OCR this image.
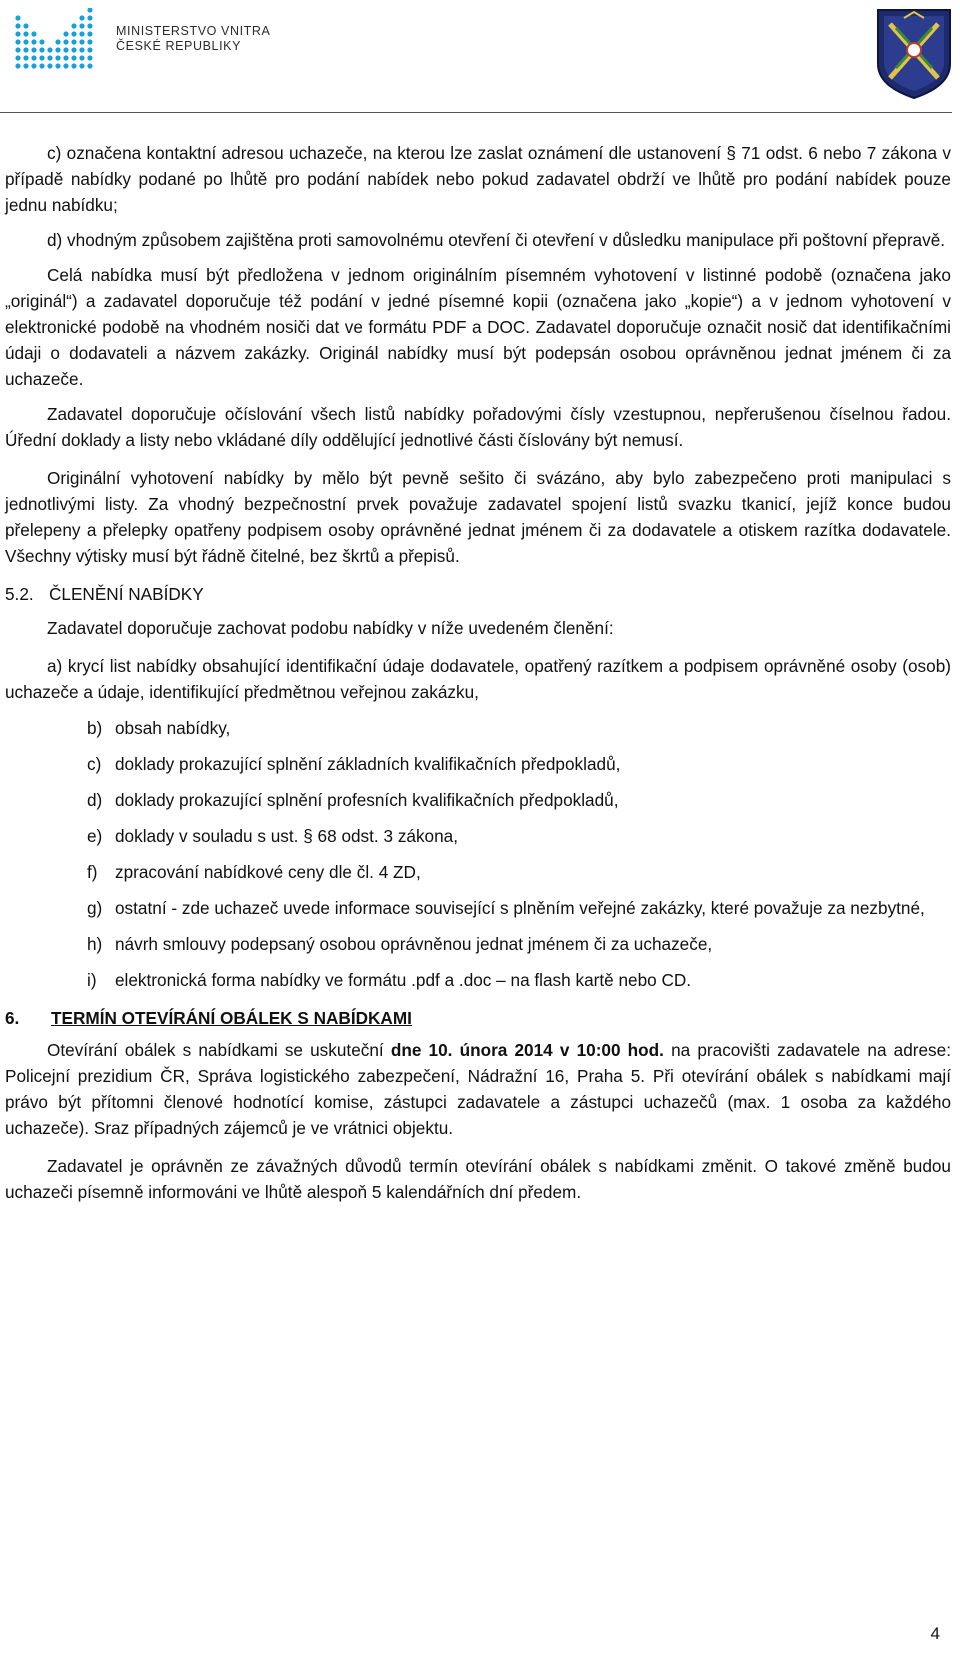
MINISTERSTVO VNITRA
ČESKÉ REPUBLIKY

c) označena kontaktní adresou uchazeče, na kterou lze zaslat oznámení dle ustanovení § 71 odst. 6 nebo 7 zákona v případě nabídky podané po lhůtě pro podání nabídek nebo pokud zadavatel obdrží ve lhůtě pro podání nabídek pouze jednu nabídku;

d) vhodným způsobem zajištěna proti samovolnému otevření či otevření v důsledku manipulace při poštovní přepravě.

Celá nabídka musí být předložena v jednom originálním písemném vyhotovení v listinné podobě (označena jako „originál“) a zadavatel doporučuje též podání v jedné písemné kopii (označena jako „kopie“) a v jednom vyhotovení v elektronické podobě na vhodném nosiči dat ve formátu PDF a DOC. Zadavatel doporučuje označit nosič dat identifikačními údaji o dodavateli a názvem zakázky. Originál nabídky musí být podepsán osobou oprávněnou jednat jménem či za uchazeče.

Zadavatel doporučuje očíslování všech listů nabídky pořadovými čísly vzestupnou, nepřerušenou číselnou řadou. Úřední doklady a listy nebo vkládané díly oddělující jednotlivé části číslovány být nemusí.

Originální vyhotovení nabídky by mělo být pevně sešito či svázáno, aby bylo zabezpečeno proti manipulaci s jednotlivými listy. Za vhodný bezpečnostní prvek považuje zadavatel spojení listů svazku tkanicí, jejíž konce budou přelepeny a přelepky opatřeny podpisem osoby oprávněné jednat jménem či za dodavatele a otiskem razítka dodavatele. Všechny výtisky musí být řádně čitelné, bez škrtů a přepisů.

5.2. ČLENĚNÍ NABÍDKY

Zadavatel doporučuje zachovat podobu nabídky v níže uvedeném členění:

a) krycí list nabídky obsahující identifikační údaje dodavatele, opatřený razítkem a podpisem oprávněné osoby (osob) uchazeče a údaje, identifikující předmětnou veřejnou zakázku,

b) obsah nabídky,
c) doklady prokazující splnění základních kvalifikačních předpokladů,
d) doklady prokazující splnění profesních kvalifikačních předpokladů,
e) doklady v souladu s ust. § 68 odst. 3 zákona,
f)	zpracování nabídkové ceny dle čl. 4 ZD,
g) ostatní - zde uchazeč uvede informace související s plněním veřejné zakázky, které považuje za nezbytné,
h) návrh smlouvy podepsaný osobou oprávněnou jednat jménem či za uchazeče,
i)	elektronická forma nabídky ve formátu .pdf a .doc – na flash kartě nebo CD.
6. TERMÍN OTEVÍRÁNÍ OBÁLEK S NABÍDKAMI

Otevírání obálek s nabídkami se uskuteční dne 10. února 2014 v 10:00 hod. na pracovišti zadavatele na adrese: Policejní prezidium ČR, Správa logistického zabezpečení, Nádražní 16, Praha 5. Při otevírání obálek s nabídkami mají právo být přítomni členové hodnotící komise, zástupci zadavatele a zástupci uchazečů (max. 1 osoba za každého uchazeče). Sraz případných zájemců je ve vrátnici objektu.

Zadavatel je oprávněn ze závažných důvodů termín otevírání obálek s nabídkami změnit. O takové změně budou uchazeči písemně informováni ve lhůtě alespoň 5 kalendářních dní předem.

4
